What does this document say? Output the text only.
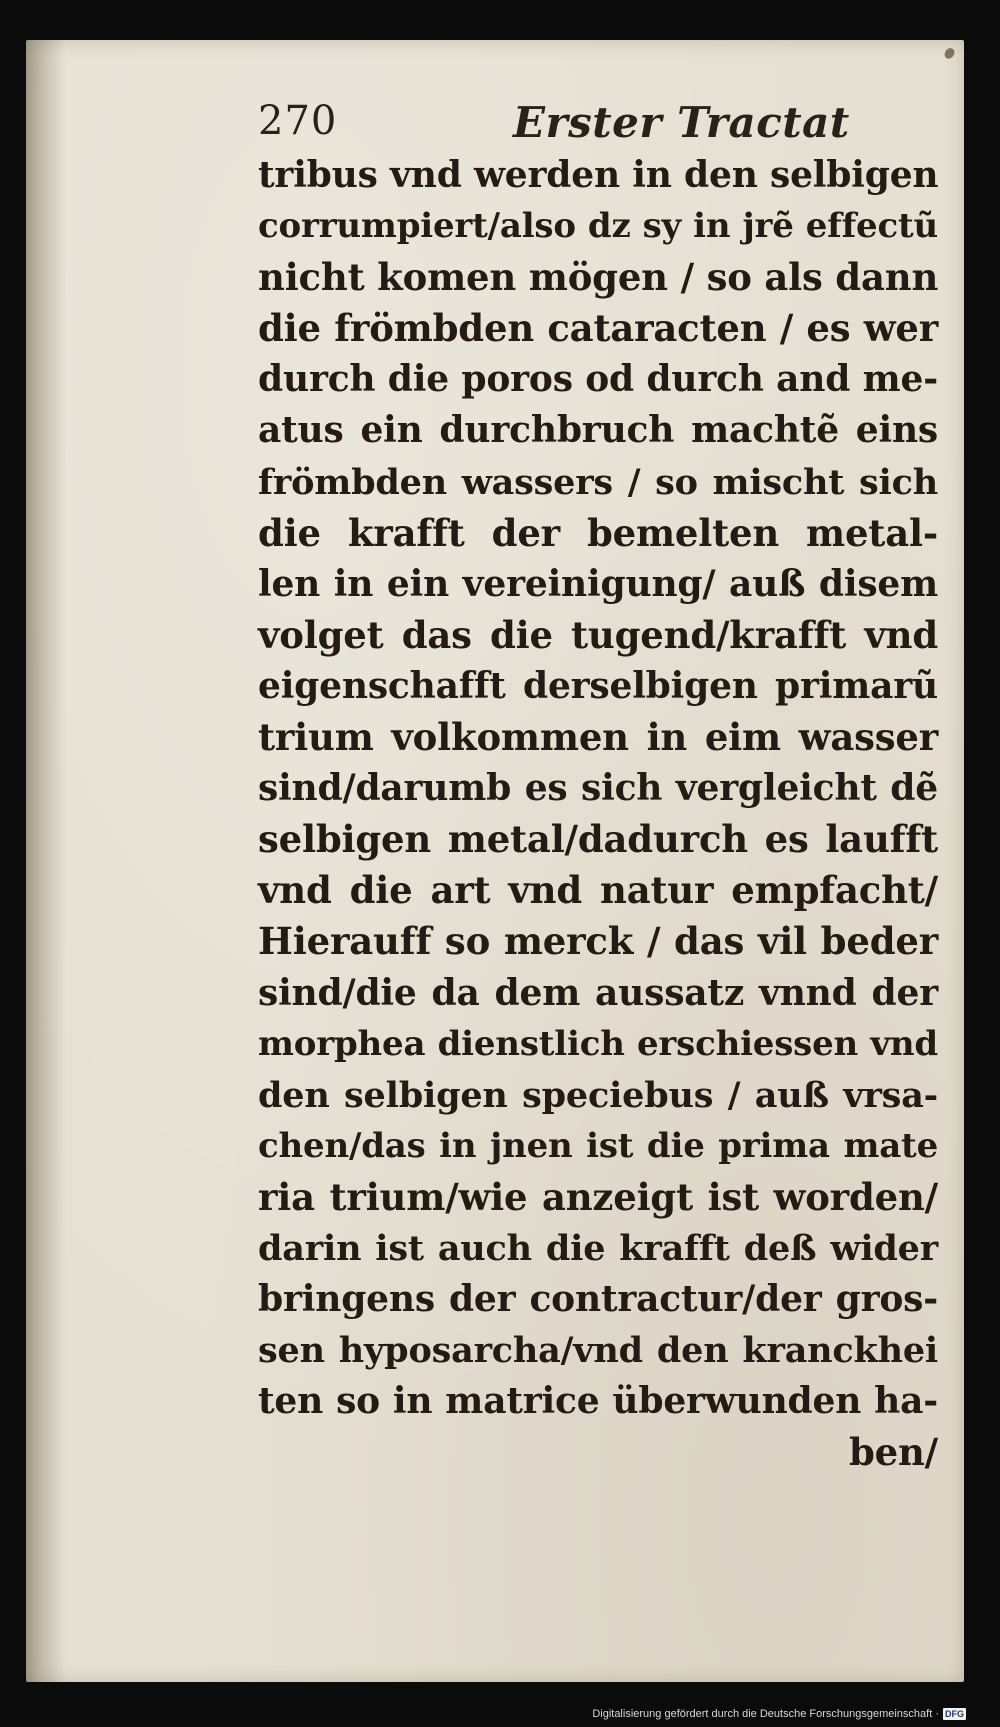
270	Erster Tractat
tribus vnd werden in den selbigen
corrumpiert/also dz sy in jrẽ effectũ
nicht komen mögen / so als dann
die frömbden cataracten / es wer
durch die poros od durch and me-
atus ein durchbruch machtẽ eins
frömbden wassers / so mischt sich
die krafft der bemelten metal-
len in ein vereinigung/ auß disem
volget das die tugend/krafft vnd
eigenschafft derselbigen primarũ
trium volkommen in eim wasser
sind/darumb es sich vergleicht dẽ
selbigen metal/dadurch es laufft
vnd die art vnd natur empfacht/
Hierauff so merck / das vil beder
sind/die da dem aussatz vnnd der
morphea dienstlich erschiessen vnd
den selbigen speciebus / auß vrsa-
chen/das in jnen ist die prima mate
ria trium/wie anzeigt ist worden/
darin ist auch die krafft deß wider
bringens der contractur/der gros-
sen hyposarcha/vnd den kranckhei
ten so in matrice überwunden ha-
ben/
Digitalisierung gefördert durch die Deutsche Forschungsgemeinschaft · DFG
